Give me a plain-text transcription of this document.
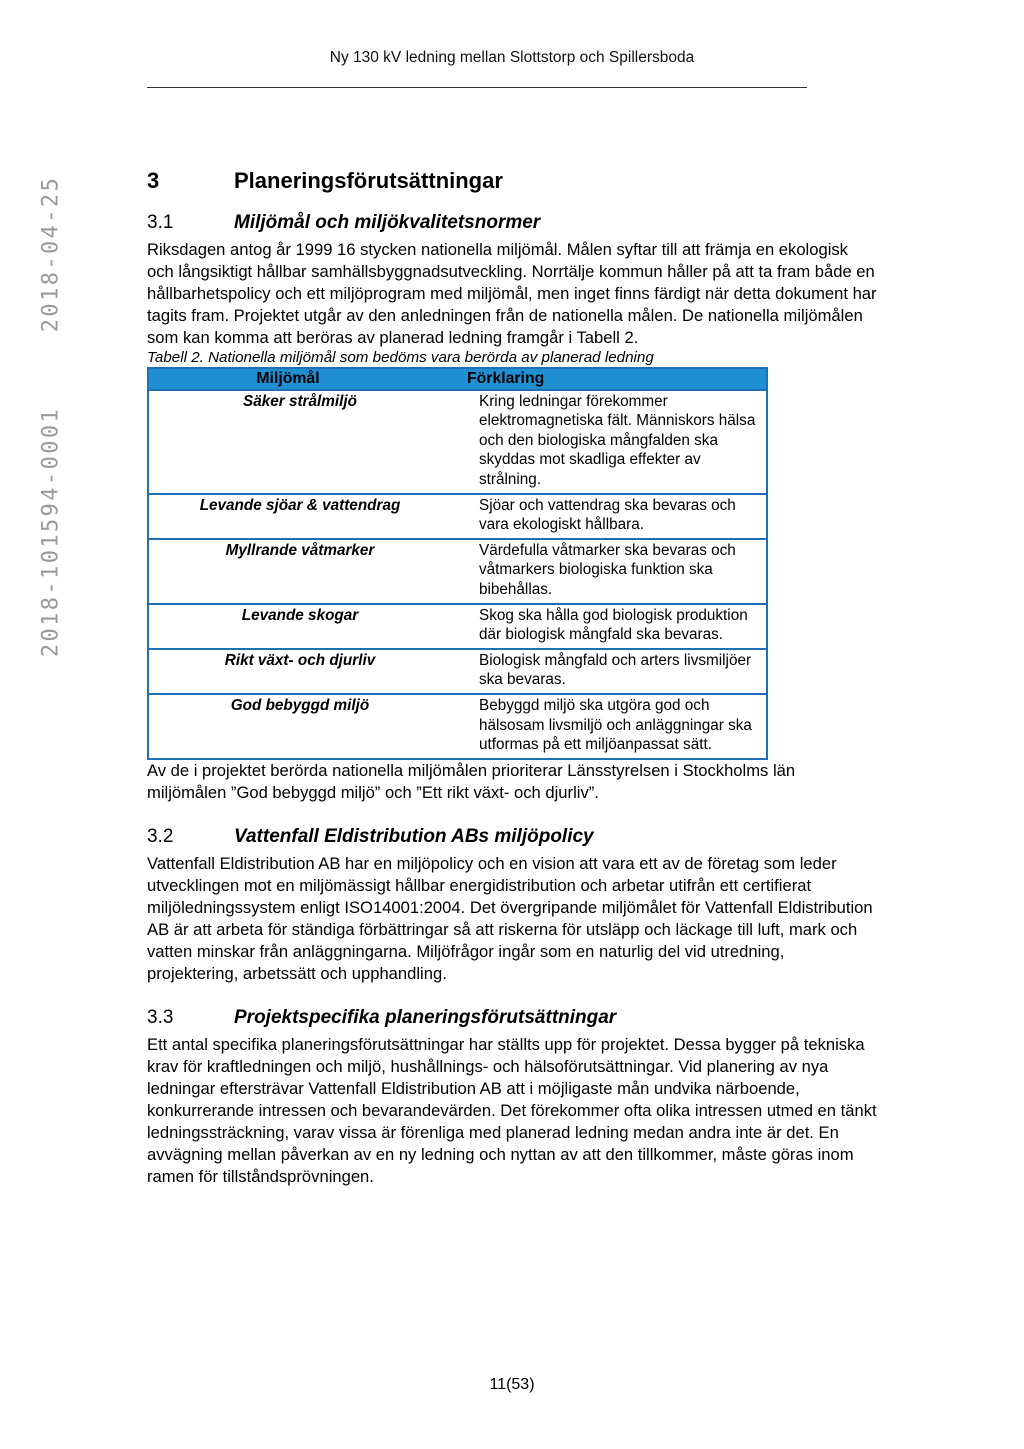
Ny 130 kV ledning mellan Slottstorp och Spillersboda
2018-04-25
2018-101594-0001
3	Planeringsförutsättningar
3.1	Miljömål och miljökvalitetsnormer

Riksdagen antog år 1999 16 stycken nationella miljömål. Målen syftar till att främja en ekologisk och långsiktigt hållbar samhällsbyggnadsutveckling. Norrtälje kommun håller på att ta fram både en hållbarhetspolicy och ett miljöprogram med miljömål, men inget finns färdigt när detta dokument har tagits fram. Projektet utgår av den anledningen från de nationella målen. De nationella miljömålen som kan komma att beröras av planerad ledning framgår i Tabell 2.

Tabell 2. Nationella miljömål som bedöms vara berörda av planerad ledning

Miljömål	Förklaring
Säker strålmiljö	Kring ledningar förekommer elektromagnetiska fält. Människors hälsa och den biologiska mångfalden ska skyddas mot skadliga effekter av strålning.
Levande sjöar & vattendrag	Sjöar och vattendrag ska bevaras och vara ekologiskt hållbara.
Myllrande våtmarker	Värdefulla våtmarker ska bevaras och våtmarkers biologiska funktion ska bibehållas.
Levande skogar	Skog ska hålla god biologisk produktion där biologisk mångfald ska bevaras.
Rikt växt- och djurliv	Biologisk mångfald och arters livsmiljöer ska bevaras.
God bebyggd miljö	Bebyggd miljö ska utgöra god och hälsosam livsmiljö och anläggningar ska utformas på ett miljöanpassat sätt.

Av de i projektet berörda nationella miljömålen prioriterar Länsstyrelsen i Stockholms län miljömålen ”God bebyggd miljö” och ”Ett rikt växt- och djurliv”.

3.2	Vattenfall Eldistribution ABs miljöpolicy

Vattenfall Eldistribution AB har en miljöpolicy och en vision att vara ett av de företag som leder utvecklingen mot en miljömässigt hållbar energidistribution och arbetar utifrån ett certifierat miljöledningssystem enligt ISO14001:2004. Det övergripande miljömålet för Vattenfall Eldistribution AB är att arbeta för ständiga förbättringar så att riskerna för utsläpp och läckage till luft, mark och vatten minskar från anläggningarna. Miljöfrågor ingår som en naturlig del vid utredning, projektering, arbetssätt och upphandling.

3.3	Projektspecifika planeringsförutsättningar

Ett antal specifika planeringsförutsättningar har ställts upp för projektet. Dessa bygger på tekniska krav för kraftledningen och miljö, hushållnings- och hälsoförutsättningar. Vid planering av nya ledningar eftersträvar Vattenfall Eldistribution AB att i möjligaste mån undvika närboende, konkurrerande intressen och bevarandevärden. Det förekommer ofta olika intressen utmed en tänkt ledningssträckning, varav vissa är förenliga med planerad ledning medan andra inte är det. En avvägning mellan påverkan av en ny ledning och nyttan av att den tillkommer, måste göras inom ramen för tillståndsprövningen.

11(53)
